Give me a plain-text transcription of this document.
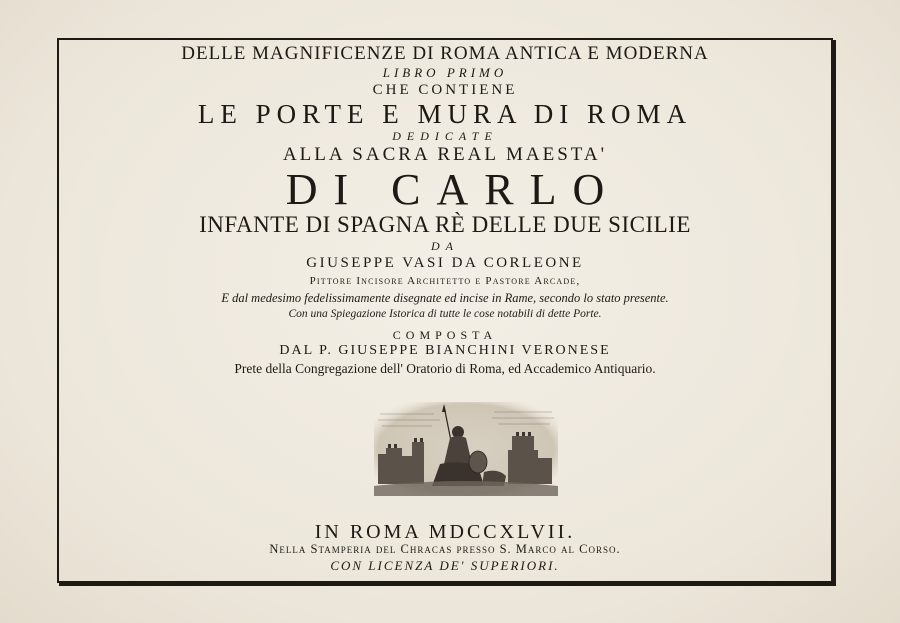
DELLE MAGNIFICENZE DI ROMA ANTICA E MODERNA
LIBRO PRIMO
CHE CONTIENE
LE PORTE E MURA DI ROMA
DEDICATE
ALLA SACRA REAL MAESTA'
DI CARLO
INFANTE DI SPAGNA RÈ DELLE DUE SICILIE
DA
GIUSEPPE VASI DA CORLEONE
Pittore Incisore Architetto e Pastore Arcade,
E dal medesimo fedelissimamente disegnate ed incise in Rame, secondo lo stato presente.
Con una Spiegazione Istorica di tutte le cose notabili di dette Porte.
COMPOSTA
DAL P. GIUSEPPE BIANCHINI VERONESE
Prete della Congregazione dell' Oratorio di Roma, ed Accademico Antiquario.
IN ROMA MDCCXLVII.
Nella Stamperia del Chracas presso S. Marco al Corso.
CON LICENZA DE' SUPERIORI.
